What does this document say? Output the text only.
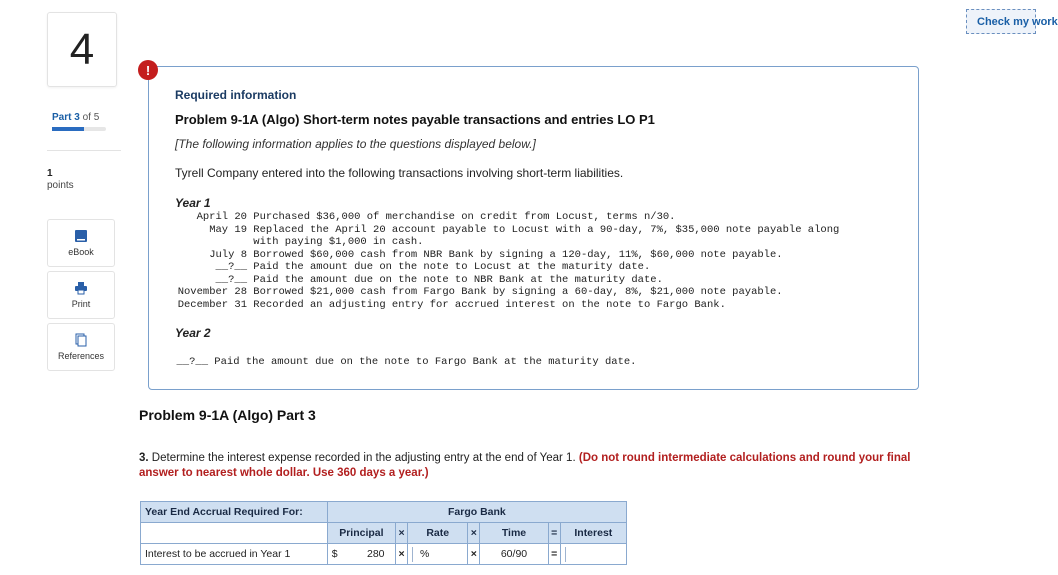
4
Part 3 of 5
1
points
eBook
Print
References
Check my work
!
Required information
Problem 9-1A (Algo) Short-term notes payable transactions and entries LO P1
[The following information applies to the questions displayed below.]
Tyrell Company entered into the following transactions involving short-term liabilities.
Year 1
Year 2
April 20 Purchased $36,000 of merchandise on credit from Locust, terms n/30.
May 19 Replaced the April 20 account payable to Locust with a 90-day, 7%, $35,000 note payable along
with paying $1,000 in cash.
July 8 Borrowed $60,000 cash from NBR Bank by signing a 120-day, 11%, $60,000 note payable.
__?__ Paid the amount due on the note to Locust at the maturity date.
__?__ Paid the amount due on the note to NBR Bank at the maturity date.
November 28 Borrowed $21,000 cash from Fargo Bank by signing a 60-day, 8%, $21,000 note payable.
December 31 Recorded an adjusting entry for accrued interest on the note to Fargo Bank.
__?__ Paid the amount due on the note to Fargo Bank at the maturity date.
Problem 9-1A (Algo) Part 3
3. Determine the interest expense recorded in the adjusting entry at the end of Year 1. (Do not round intermediate calculations and round your final answer to nearest whole dollar. Use 360 days a year.)
Year End Accrual Required For:	Fargo Bank						
	Principal	×	Rate	×	Time	=	Interest
Interest to be accrued in Year 1	$ 280	×	%	×	60/90	=	
